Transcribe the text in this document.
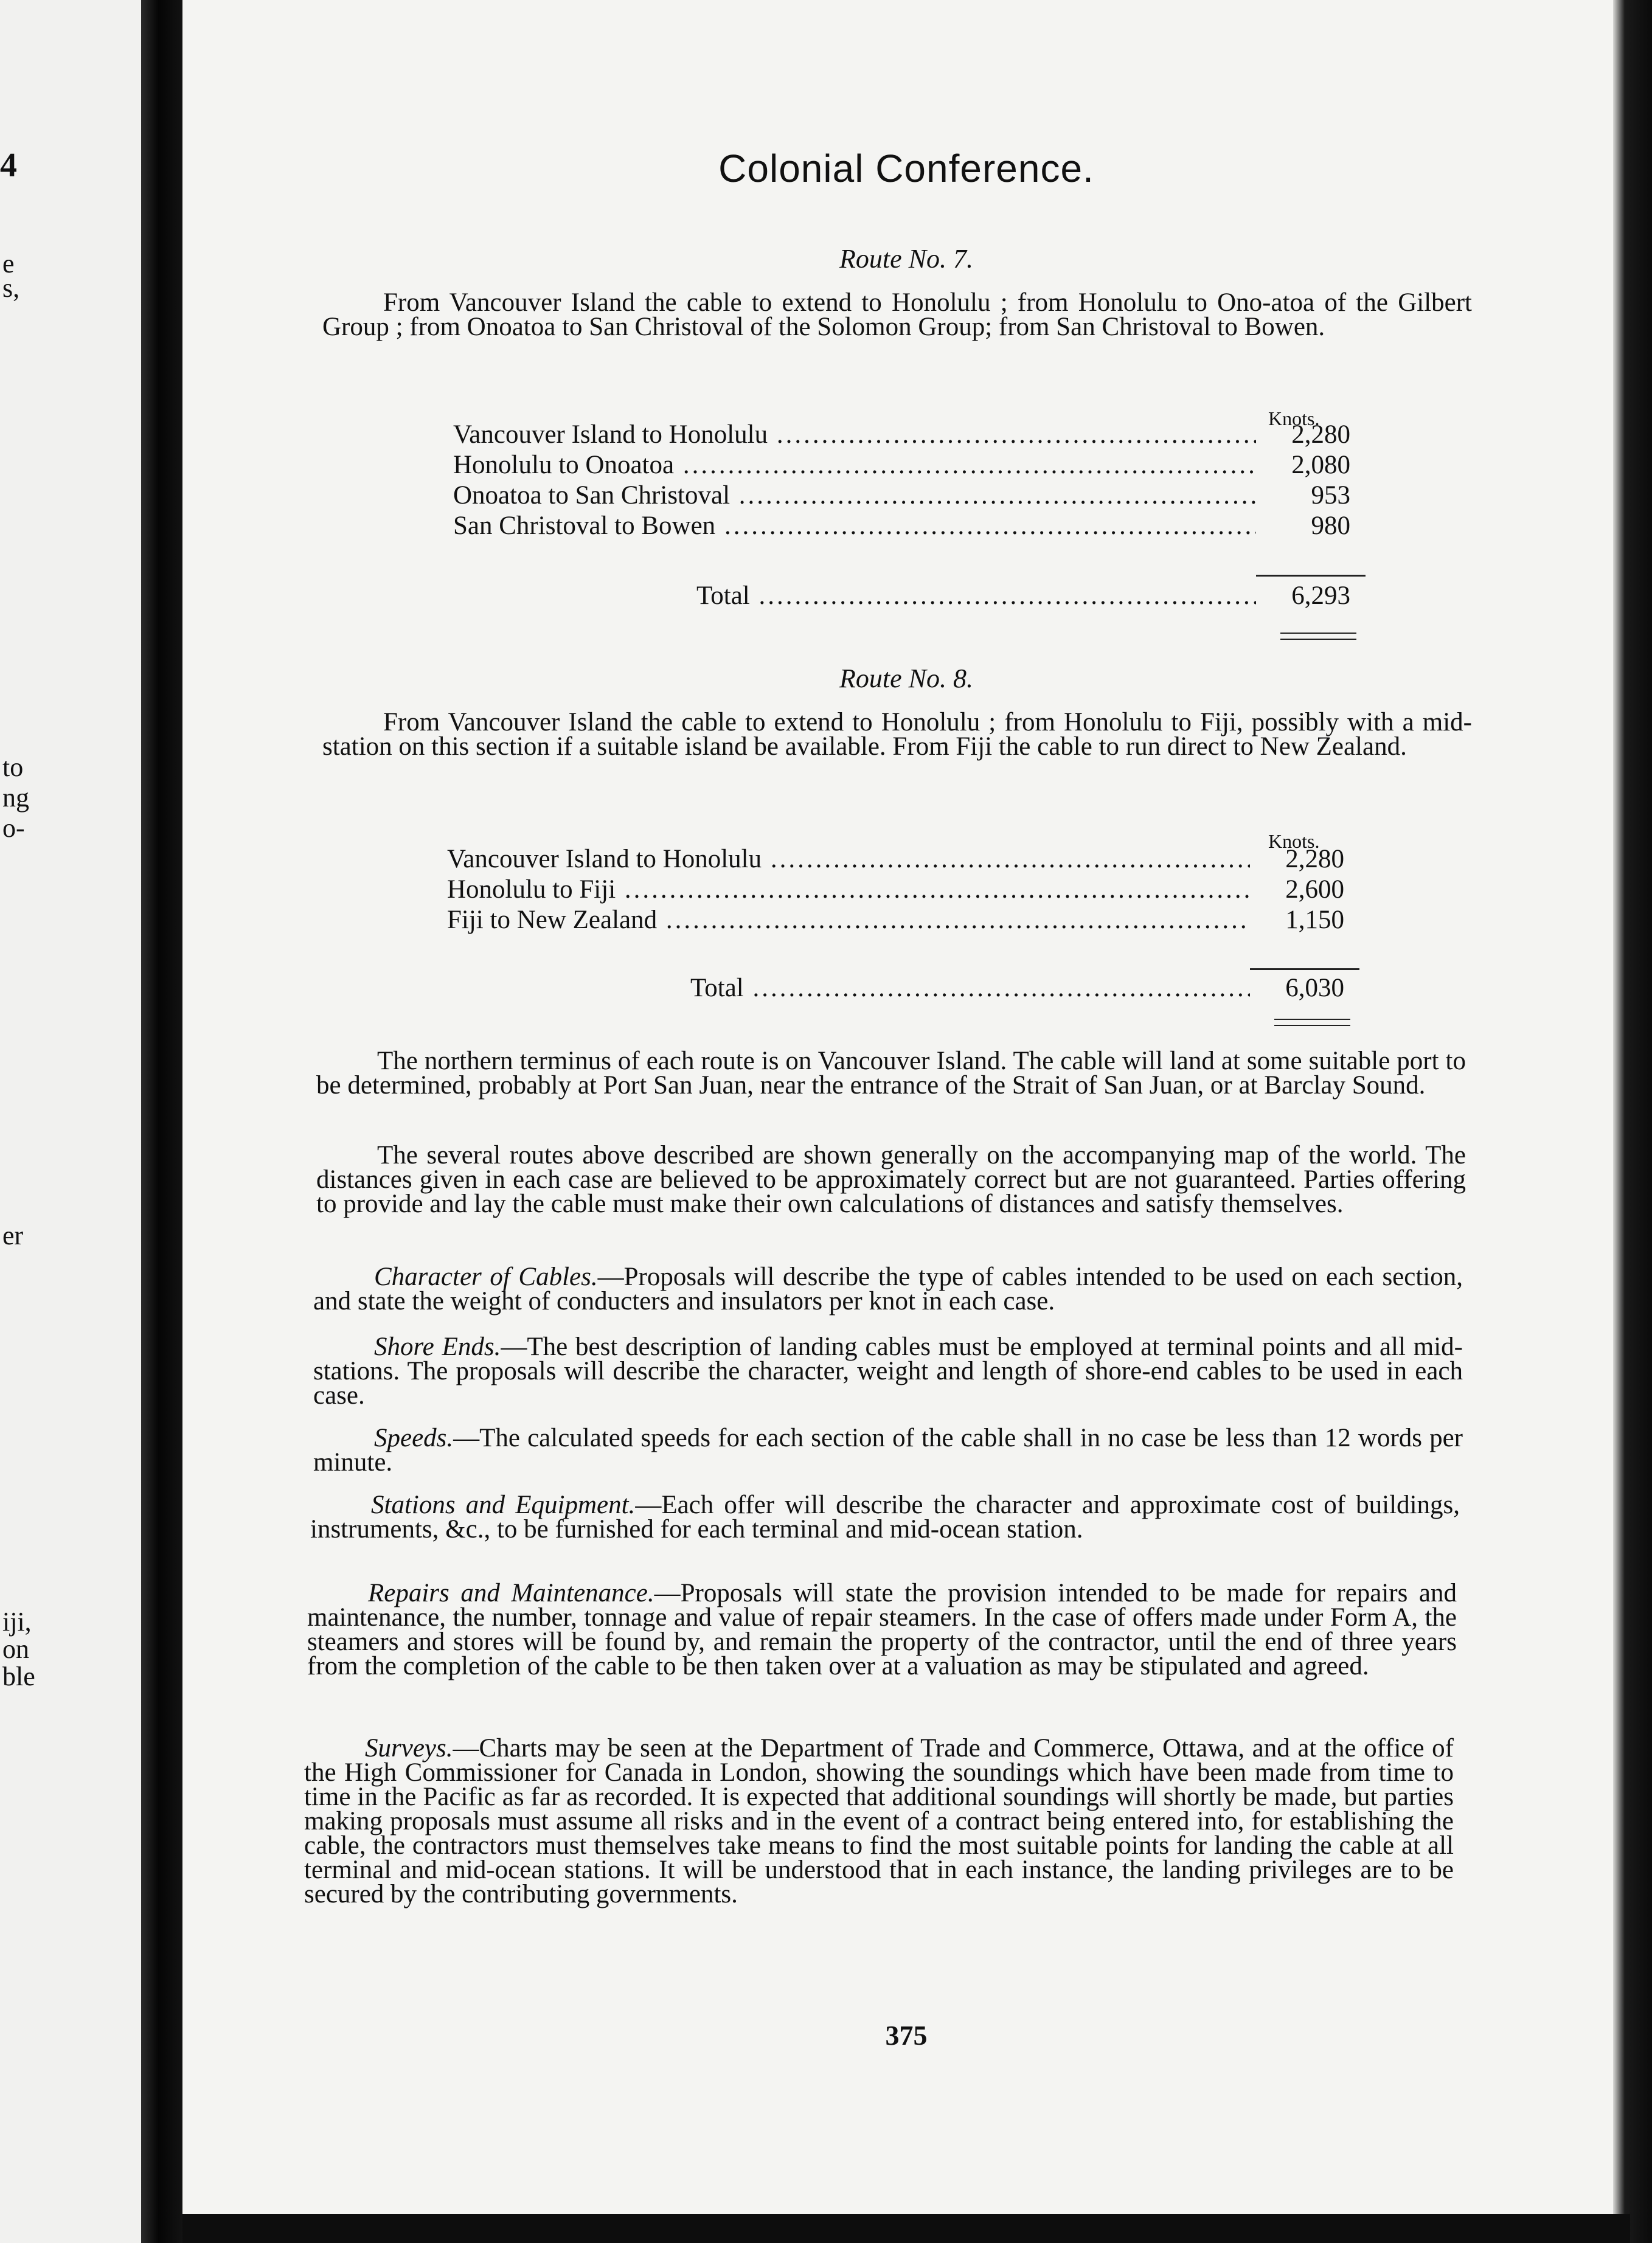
4
e
s,
to
ng
o-
er
iji,
on
ble
Colonial Conference.
Route No. 7.
From Vancouver Island the cable to extend to Honolulu ; from Honolulu to Ono-atoa of the Gilbert Group ; from Onoatoa to San Christoval of the Solomon Group; from San Christoval to Bowen.
Knots.
Vancouver Island to Honolulu .....	2,280
Honolulu to Onoatoa .....	2,080
Onoatoa to San Christoval .....	953
San Christoval to Bowen .....	980
Total .....	6,293
Route No. 8.
From Vancouver Island the cable to extend to Honolulu ; from Honolulu to Fiji, possibly with a mid-station on this section if a suitable island be available. From Fiji the cable to run direct to New Zealand.
Knots.
Vancouver Island to Honolulu .....	2,280
Honolulu to Fiji .....	2,600
Fiji to New Zealand .....	1,150
Total .....	6,030
The northern terminus of each route is on Vancouver Island. The cable will land at some suitable port to be determined, probably at Port San Juan, near the entrance of the Strait of San Juan, or at Barclay Sound.
The several routes above described are shown generally on the accompanying map of the world. The distances given in each case are believed to be approximately correct but are not guaranteed. Parties offering to provide and lay the cable must make their own calculations of distances and satisfy themselves.
Character of Cables.—Proposals will describe the type of cables intended to be used on each section, and state the weight of conducters and insulators per knot in each case.
Shore Ends.—The best description of landing cables must be employed at terminal points and all mid-stations. The proposals will describe the character, weight and length of shore-end cables to be used in each case.
Speeds.—The calculated speeds for each section of the cable shall in no case be less than 12 words per minute.
Stations and Equipment.—Each offer will describe the character and approximate cost of buildings, instruments, &c., to be furnished for each terminal and mid-ocean station.
Repairs and Maintenance.—Proposals will state the provision intended to be made for repairs and maintenance, the number, tonnage and value of repair steamers. In the case of offers made under Form A, the steamers and stores will be found by, and remain the property of the contractor, until the end of three years from the completion of the cable to be then taken over at a valuation as may be stipulated and agreed.
Surveys.—Charts may be seen at the Department of Trade and Commerce, Ottawa, and at the office of the High Commissioner for Canada in London, showing the soundings which have been made from time to time in the Pacific as far as recorded. It is expected that additional soundings will shortly be made, but parties making proposals must assume all risks and in the event of a contract being entered into, for establishing the cable, the contractors must themselves take means to find the most suitable points for landing the cable at all terminal and mid-ocean stations. It will be understood that in each instance, the landing privileges are to be secured by the contributing governments.
375
